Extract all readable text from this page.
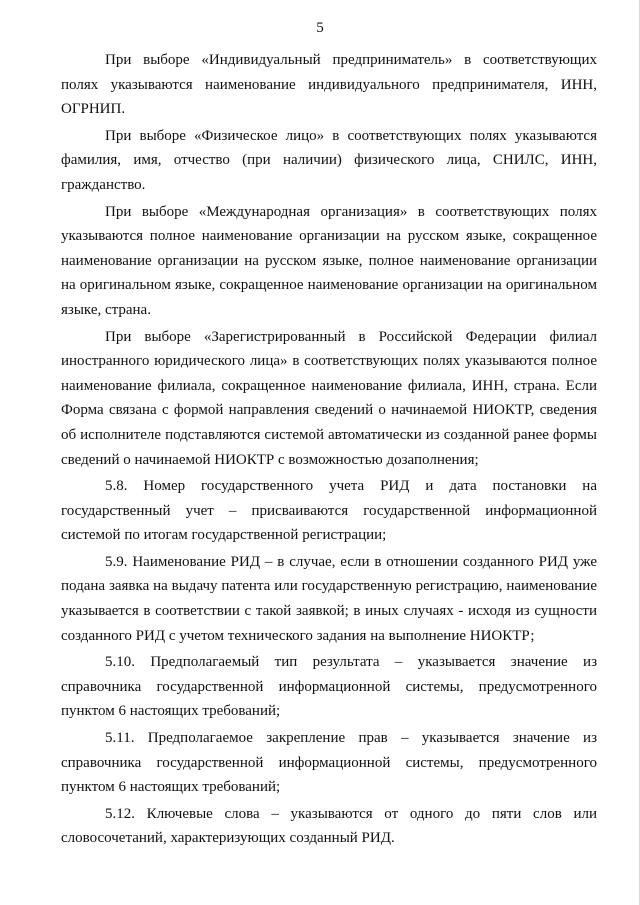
5

При выборе «Индивидуальный предприниматель» в соответствующих полях указываются наименование индивидуального предпринимателя, ИНН, ОГРНИП.

При выборе «Физическое лицо» в соответствующих полях указываются фамилия, имя, отчество (при наличии) физического лица, СНИЛС, ИНН, гражданство.

При выборе «Международная организация» в соответствующих полях указываются полное наименование организации на русском языке, сокращенное наименование организации на русском языке, полное наименование организации на оригинальном языке, сокращенное наименование организации на оригинальном языке, страна.

При выборе «Зарегистрированный в Российской Федерации филиал иностранного юридического лица» в соответствующих полях указываются полное наименование филиала, сокращенное наименование филиала, ИНН, страна. Если Форма связана с формой направления сведений о начинаемой НИОКТР, сведения об исполнителе подставляются системой автоматически из созданной ранее формы сведений о начинаемой НИОКТР с возможностью дозаполнения;

5.8. Номер государственного учета РИД и дата постановки на государственный учет – присваиваются государственной информационной системой по итогам государственной регистрации;

5.9. Наименование РИД – в случае, если в отношении созданного РИД уже подана заявка на выдачу патента или государственную регистрацию, наименование указывается в соответствии с такой заявкой; в иных случаях - исходя из сущности созданного РИД с учетом технического задания на выполнение НИОКТР;

5.10. Предполагаемый тип результата – указывается значение из справочника государственной информационной системы, предусмотренного пунктом 6 настоящих требований;

5.11. Предполагаемое закрепление прав – указывается значение из справочника государственной информационной системы, предусмотренного пунктом 6 настоящих требований;

5.12. Ключевые слова – указываются от одного до пяти слов или словосочетаний, характеризующих созданный РИД.
